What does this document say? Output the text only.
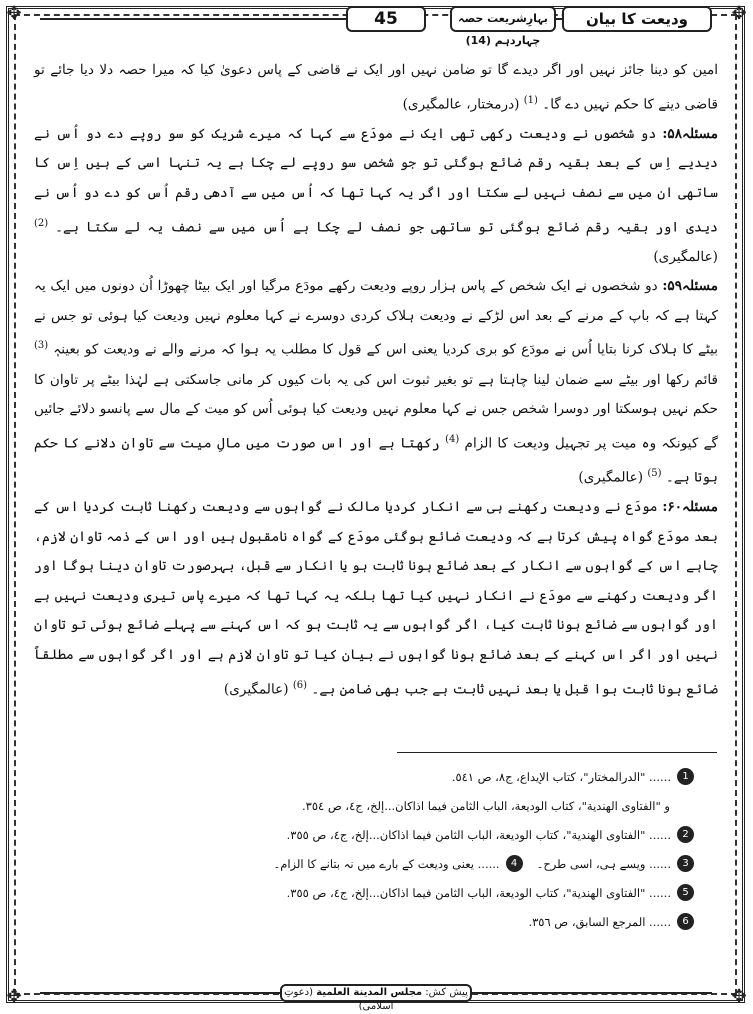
✥	✥
✥	✥
بہارِشریعت حصہ چہاردہم (14)
45	ودیعت کا بیان

امین کو دینا جائز نہیں اور اگر دیدے گا تو ضامن نہیں اور ایک نے قاضی کے پاس دعویٰ کیا کہ میرا حصہ دلا دیا جائے تو قاضی دینے کا حکم نہیں دے گا۔ $^{(1)}$ (درمختار، عالمگیری)

مسئلہ۵۸: دو شخصوں نے ودیعت رکھی تھی ایک نے مودَع سے کہا کہ میرے شریک کو سو روپے دے دو اُس نے دیدیے اِس کے بعد بقیہ رقم ضائع ہوگئی تو جو شخص سو روپے لے چکا ہے یہ تنہا اسی کے ہیں اِس کا ساتھی ان میں سے نصف نہیں لے سکتا اور اگر یہ کہا تھا کہ اُس میں سے آدھی رقم اُس کو دے دو اُس نے دیدی اور بقیہ رقم ضائع ہوگئی تو ساتھی جو نصف لے چکا ہے اُس میں سے نصف یہ لے سکتا ہے۔ $^{(2)}$ (عالمگیری)

مسئلہ۵۹: دو شخصوں نے ایک شخص کے پاس ہزار روپے ودیعت رکھے مودَع مرگیا اور ایک بیٹا چھوڑا اُن دونوں میں ایک یہ کہتا ہے کہ باپ کے مرنے کے بعد اس لڑکے نے ودیعت ہلاک کردی دوسرے نے کہا معلوم نہیں ودیعت کیا ہوئی تو جس نے بیٹے کا ہلاک کرنا بتایا اُس نے مودَع کو بری کردیا یعنی اس کے قول کا مطلب یہ ہوا کہ مرنے والے نے ودیعت کو بعینہٖ $^{(3)}$ قائم رکھا اور بیٹے سے ضمان لینا چاہتا ہے تو بغیر ثبوت اس کی یہ بات کیوں کر مانی جاسکتی ہے لہٰذا بیٹے پر تاوان کا حکم نہیں ہوسکتا اور دوسرا شخص جس نے کہا معلوم نہیں ودیعت کیا ہوئی اُس کو میت کے مال سے پانسو دلائے جائیں گے کیونکہ وہ میت پر تجہیل ودیعت کا الزام $^{(4)}$ رکھتا ہے اور اس صورت میں مالِ میت سے تاوان دلانے کا حکم ہوتا ہے۔ $^{(5)}$ (عالمگیری)

مسئلہ۶۰: مودَع نے ودیعت رکھنے ہی سے انکار کردیا مالک نے گواہوں سے ودیعت رکھنا ثابت کردیا اس کے بعد مودَع گواہ پیش کرتا ہے کہ ودیعت ضائع ہوگئی مودَع کے گواہ نامقبول ہیں اور اس کے ذمہ تاوان لازم، چاہے اس کے گواہوں سے انکار کے بعد ضائع ہونا ثابت ہو یا انکار سے قبل، بہرصورت تاوان دینا ہوگا اور اگر ودیعت رکھنے سے مودَع نے انکار نہیں کیا تھا بلکہ یہ کہا تھا کہ میرے پاس تیری ودیعت نہیں ہے اور گواہوں سے ضائع ہونا ثابت کیا، اگر گواہوں سے یہ ثابت ہو کہ اس کہنے سے پہلے ضائع ہوئی تو تاوان نہیں اور اگر اس کہنے کے بعد ضائع ہونا گواہوں نے بیان کیا تو تاوان لازم ہے اور اگر گواہوں سے مطلقاً ضائع ہونا ثابت ہوا قبل یا بعد نہیں ثابت ہے جب بھی ضامن ہے۔ $^{(6)}$ (عالمگیری)

1
...... "الدرالمختار"، كتاب الإيداع، ج٨، ص ٥٤١.
و "الفتاوى الهندية"، كتاب الوديعة، الباب الثامن فيما اذاكان...إلخ، ج٤، ص ٣٥٤.
2
...... "الفتاوى الهندية"، كتاب الوديعة، الباب الثامن فيما اذاكان...إلخ، ج٤، ص ٣٥٥.
3
...... ویسے ہی، اسی طرح۔
4
...... یعنی ودیعت کے بارے میں نہ بتانے کا الزام۔
5
...... "الفتاوى الهندية"، كتاب الوديعة، الباب الثامن فيما اذاكان...إلخ، ج٤، ص ٣٥٥.
6
...... المرجع السابق، ص ٣٥٦.
پیش کش: مجلس المدينة العلمية (دعوتِ اسلامی)
